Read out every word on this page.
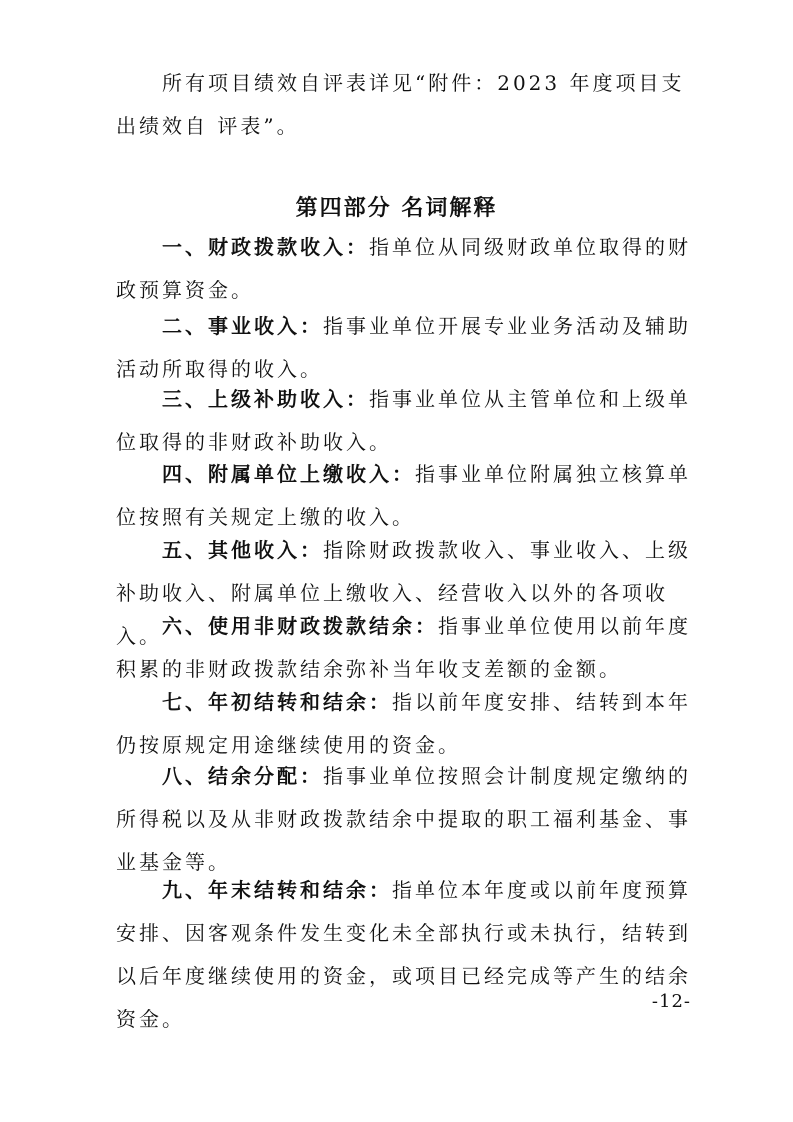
所有项目绩效自评表详见“附件：2023 年度项目支出绩效自 评表”。

第四部分 名词解释

一、财政拨款收入：指单位从同级财政单位取得的财政预算资金。

二、事业收入：指事业单位开展专业业务活动及辅助活动所取得的收入。

三、上级补助收入：指事业单位从主管单位和上级单位取得的非财政补助收入。

四、附属单位上缴收入：指事业单位附属独立核算单位按照有关规定上缴的收入。

五、其他收入：指除财政拨款收入、事业收入、上级补助收入、附属单位上缴收入、经营收入以外的各项收入。 六、使用非财政拨款结余：指事业单位使用以前年度积累的非财政拨款结余弥补当年收支差额的金额。

七、年初结转和结余：指以前年度安排、结转到本年仍按原规定用途继续使用的资金。

八、结余分配：指事业单位按照会计制度规定缴纳的所得税以及从非财政拨款结余中提取的职工福利基金、事业基金等。

九、年末结转和结余：指单位本年度或以前年度预算安排、因客观条件发生变化未全部执行或未执行，结转到以后年度继续使用的资金，或项目已经完成等产生的结余资金。

-12-
